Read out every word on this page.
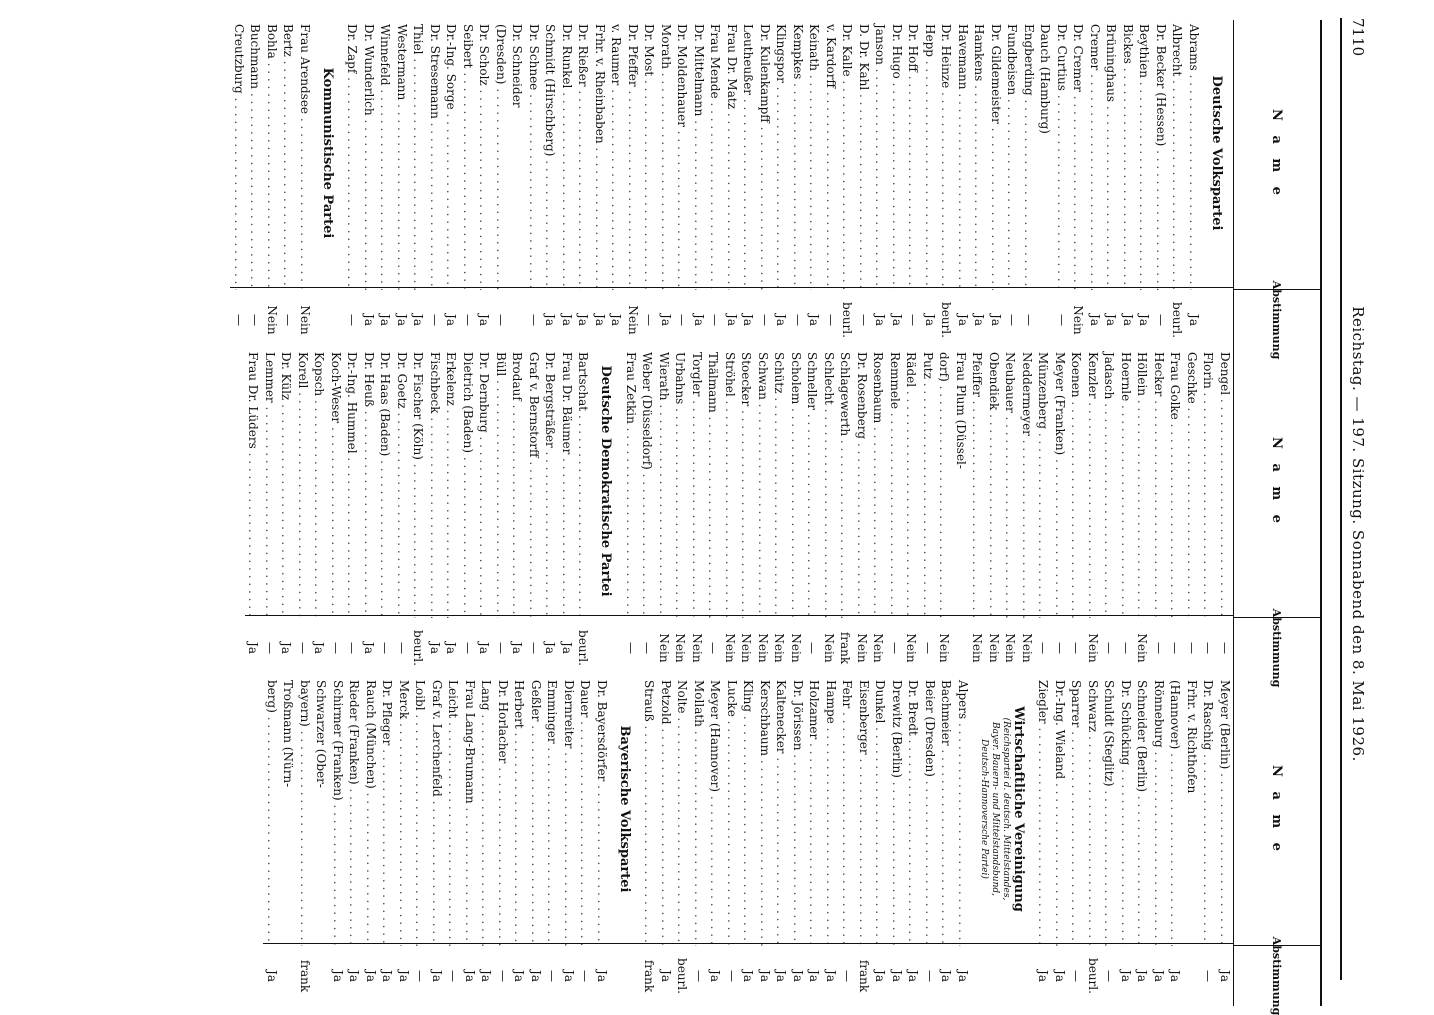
7110
Reichstag. — 197. Sitzung. Sonnabend den 8. Mai 1926.
N a m e
Abstimmung
Deutsche Volkspartei
Abrams . . .
Ja
Albrecht . . .
beurl.
Dr. Becker (Hessen) . . .
—
Beythien . . .
Ja
Bickes . . .
Ja
Brüninghaus . . .
Ja
Cremer . . .
Ja
Dr. Cremer . . .
Nein
Dr. Curtius . . .
—
Dauch (Hamburg)
Engberding . . .
—
Fundbeisen . . .
—
Dr. Gildemeister . . .
Ja
Hamkens . . .
Ja
Havemann . . .
Ja
Dr. Heinze . . .
beurl.
Hepp . . .
Ja
Dr. Hoff . . .
—
Dr. Hugo . . .
Ja
Janson . . .
Ja
D. Dr. Kahl . . .
—
Dr. Kalle . . .
beurl.
v. Kardorff . . .
—
Keinath . . .
Ja
Kempkes . . .
—
Klingspor . . .
Ja
Dr. Kulenkampff . . .
—
Leutheußer . . .
Ja
Frau Dr. Matz . . .
Ja
Frau Mende . . .
—
Dr. Mittelmann . . .
Ja
Dr. Moldenhauer . . .
—
Morath . . .
Ja
Dr. Most . . .
—
Dr. Pfeffer . . .
Nein
v. Raumer . . .
Ja
Frhr. v. Rheinbaben . . .
Ja
Dr. Rießer . . .
Ja
Dr. Runkel . . .
Ja
Schmidt (Hirschberg) . . .
Ja
Dr. Schnee . . .
—
Dr. Schneider
(Dresden) . . .
—
Dr. Scholz . . .
Ja
Seibert . . .
—
Dr.-Ing. Sorge . . .
Ja
Dr. Stresemann . . .
—
Thiel . . .
Ja
Westermann . . .
Ja
Winnefeld . . .
Ja
Dr. Wunderlich . . .
Ja
Dr. Zapf . . .
—
Kommunistische Partei
Frau Arendsee . . .
Nein
Bertz . . .
—
Bohla . . .
Nein
Buchmann . . .
—
Creutzburg . . .
—
N a m e
Abstimmung
Dengel . . .
—
Florin . . .
—
Geschke . . .
—
Frau Golke . . .
—
Hecker . . .
—
Höllein . . .
Nein
Hoernle . . .
—
Jadasch . . .
—
Kenzler . . .
Nein
Koenen . . .
—
Meyer (Franken) . . .
—
Münzenberg . . .
—
Neddermeyer . . .
Nein
Neubauer . . .
Nein
Obendiek . . .
Nein
Pfeiffer . . .
Nein
Frau Plum (Düssel-
dorf) . . .
Nein
Putz . . .
—
Rädel . . .
Nein
Remmele . . .
—
Rosenbaum . . .
Nein
Dr. Rosenberg . . .
Nein
Schlagewerth . . .
frank
Schlecht . . .
Nein
Schneller . . .
—
Scholem . . .
Nein
Schütz . . .
Nein
Schwan . . .
Nein
Stoecker . . .
Nein
Ströhel . . .
Nein
Thälmann . . .
—
Torgler . . .
Nein
Urbahns . . .
Nein
Wierath . . .
Nein
Weber (Düsseldorf) . . .
—
Frau Zetkin . . .
—
Deutsche Demokratische Partei
Bartschat . . .
beurl.
Frau Dr. Bäumer . . .
Ja
Dr. Bergsträßer . . .
Ja
Graf v. Bernstorff . . .
—
Brodauf . . .
Ja
Büll . . .
—
Dr. Dernburg . . .
Ja
Dietrich (Baden) . . .
—
Erkelenz . . .
Ja
Fischbeck . . .
Ja
Dr. Fischer (Köln) . . .
beurl.
Dr. Goetz . . .
—
Dr. Haas (Baden) . . .
—
Dr. Heuß . . .
Ja
Dr.-Ing. Hummel . . .
—
Koch-Weser . . .
—
Kopsch . . .
Ja
Korell . . .
—
Dr. Külz . . .
Ja
Lemmer . . .
—
Frau Dr. Lüders . . .
Ja
N a m e
Abstimmung
Meyer (Berlin) . . .
Ja
Dr. Raschig . . .
—
Frhr. v. Richthofen
(Hannover) . . .
Ja
Rönneburg . . .
Ja
Schneider (Berlin) . . .
Ja
Dr. Schücking . . .
Ja
Schuldt (Steglitz) . . .
—
Schwarz . . .
beurl.
Sparrer . . .
—
Dr.-Ing. Wieland . . .
Ja
Ziegler . . .
Ja
Wirtschaftliche Vereinigung
(Reichspartei d. deutsch. Mittelstandes,
Bayer. Bauern- und Mittelstandsbund,
Deutsch-Hannoversche Partei)
Alpers . . .
Ja
Bachmeier . . .
Ja
Beier (Dresden) . . .
—
Dr. Bredt . . .
Ja
Drewitz (Berlin) . . .
Ja
Dunkel . . .
Ja
Eisenberger . . .
frank
Fehr . . .
—
Hampe . . .
Ja
Holzamer . . .
Ja
Dr. Jörissen . . .
Ja
Kaltenecker . . .
Ja
Kerschbaum . . .
Ja
Kling . . .
Ja
Lucke . . .
—
Meyer (Hannover) . . .
Ja
Mollath . . .
—
Nolte . . .
beurl.
Petzold . . .
Ja
Strauß . . .
frank
Bayerische Volkspartei
Dr. Bayersdörfer . . .
Ja
Dauer . . .
—
Diernreiter . . .
Ja
Emminger . . .
—
Geßler . . .
Ja
Herbert . . .
Ja
Dr. Horlacher . . .
—
Lang . . .
Ja
Frau Lang-Brumann . . .
Ja
Leicht . . .
—
Graf v. Lerchenfeld . . .
Ja
Loibl . . .
—
Merck . . .
Ja
Dr. Pfleger . . .
Ja
Rauch (München) . . .
Ja
Rieder (Franken) . . .
Ja
Schirmer (Franken) . . .
Ja
Schwarzer (Ober-
bayern) . . .
frank
Troßmann (Nürn-
berg) . . .
Ja
